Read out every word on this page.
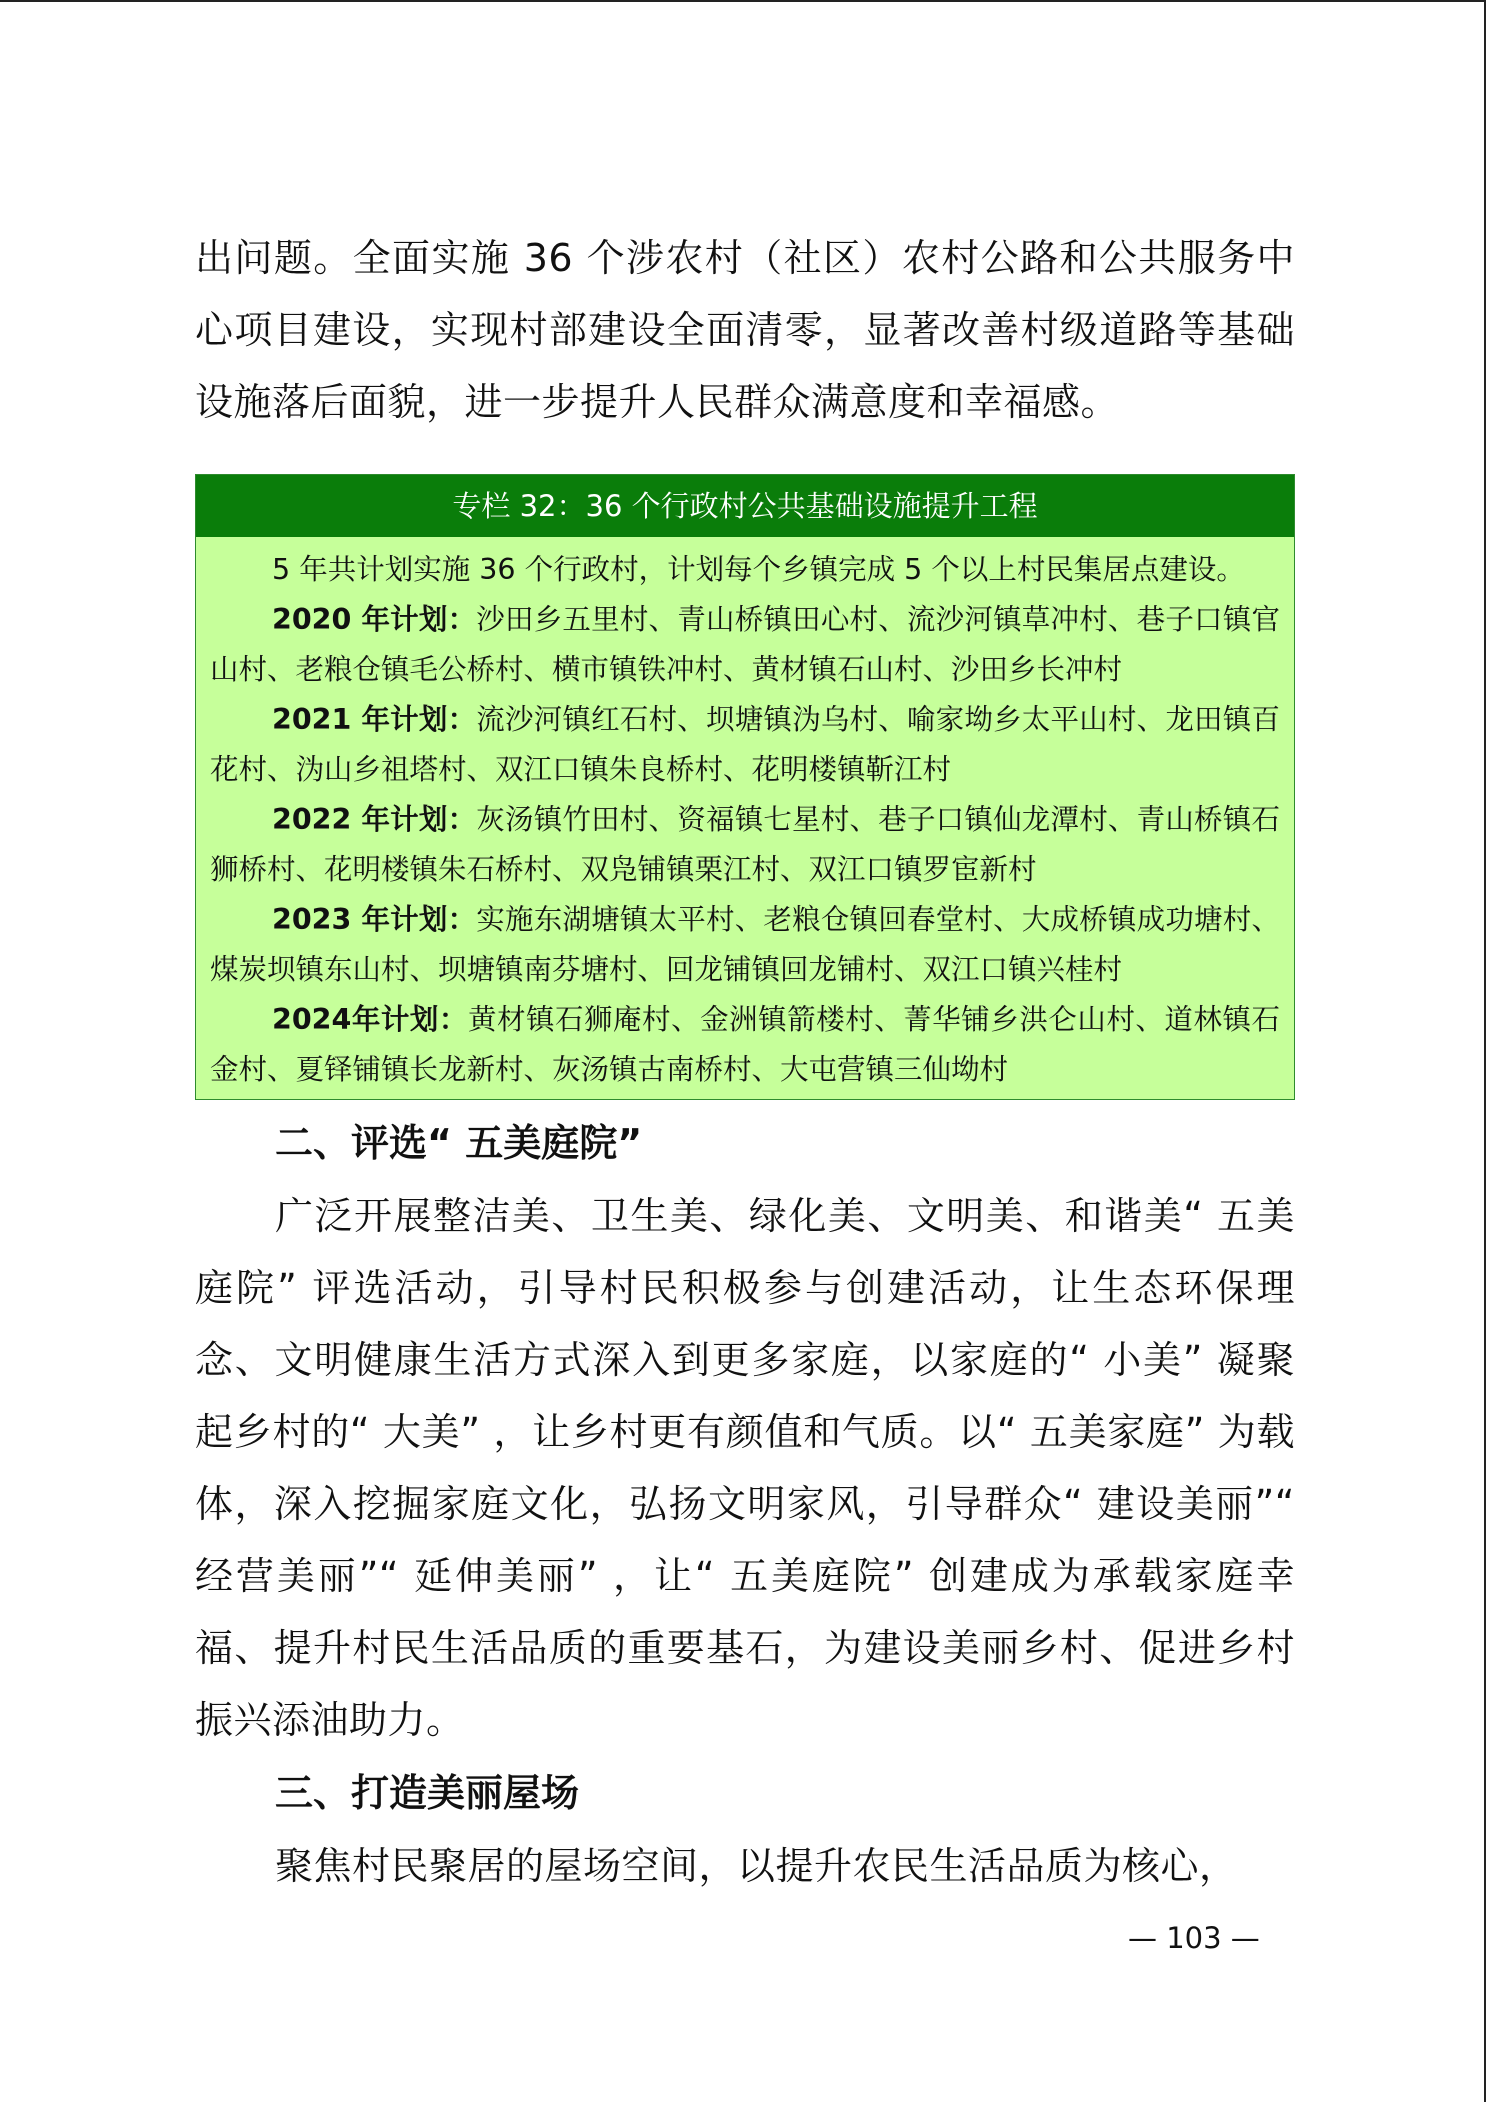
出问题。全面实施 36 个涉农村（社区）农村公路和公共服务中心项目建设，实现村部建设全面清零，显著改善村级道路等基础设施落后面貌，进一步提升人民群众满意度和幸福感。

专栏 32：36 个行政村公共基础设施提升工程

5 年共计划实施 36 个行政村，计划每个乡镇完成 5 个以上村民集居点建设。

2020 年计划：沙田乡五里村、青山桥镇田心村、流沙河镇草冲村、巷子口镇官山村、老粮仓镇毛公桥村、横市镇铁冲村、黄材镇石山村、沙田乡长冲村

2021 年计划：流沙河镇红石村、坝塘镇沩乌村、喻家坳乡太平山村、龙田镇百花村、沩山乡祖塔村、双江口镇朱良桥村、花明楼镇靳江村

2022 年计划：灰汤镇竹田村、资福镇七星村、巷子口镇仙龙潭村、青山桥镇石狮桥村、花明楼镇朱石桥村、双凫铺镇栗江村、双江口镇罗宦新村

2023 年计划：实施东湖塘镇太平村、老粮仓镇回春堂村、大成桥镇成功塘村、煤炭坝镇东山村、坝塘镇南芬塘村、回龙铺镇回龙铺村、双江口镇兴桂村

2024年计划：黄材镇石狮庵村、金洲镇箭楼村、菁华铺乡洪仑山村、道林镇石金村、夏铎铺镇长龙新村、灰汤镇古南桥村、大屯营镇三仙坳村

二、评选“ 五美庭院”

广泛开展整洁美、卫生美、绿化美、文明美、和谐美“ 五美庭院” 评选活动，引导村民积极参与创建活动，让生态环保理念、文明健康生活方式深入到更多家庭，以家庭的“ 小美” 凝聚起乡村的“ 大美” ，让乡村更有颜值和气质。以“ 五美家庭” 为载体，深入挖掘家庭文化，弘扬文明家风，引导群众“ 建设美丽”“ 经营美丽”“ 延伸美丽” ，让“ 五美庭院” 创建成为承载家庭幸福、提升村民生活品质的重要基石，为建设美丽乡村、促进乡村振兴添油助力。

三、打造美丽屋场

聚焦村民聚居的屋场空间，以提升农民生活品质为核心，

— 103 —
